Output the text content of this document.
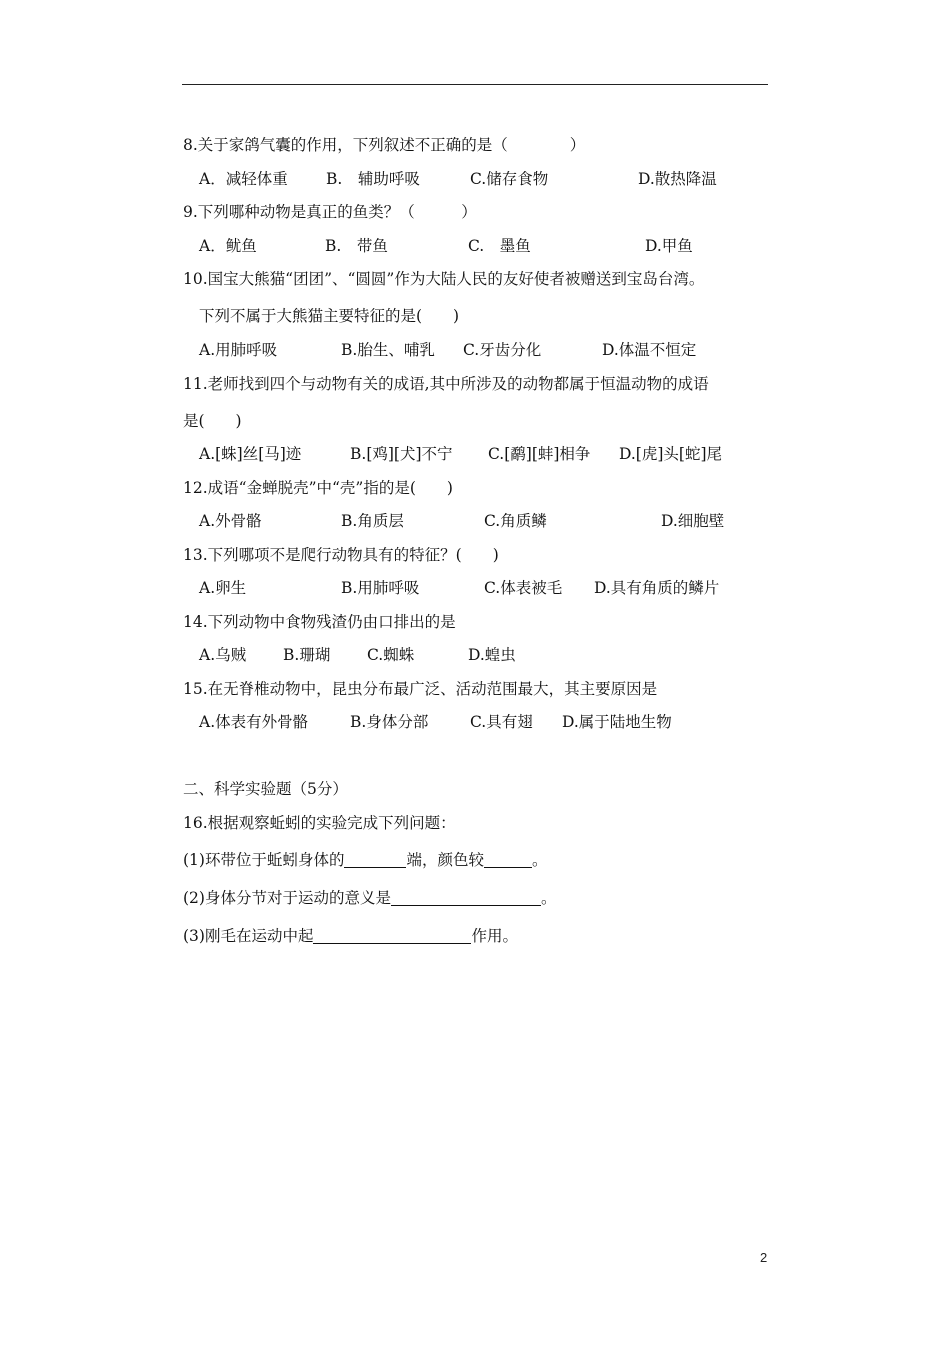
8.关于家鸽气囊的作用，下列叙述不正确的是（　　　　）
A．减轻体重 B.　辅助呼吸	C.储存食物	D.散热降温
9.下列哪种动物是真正的鱼类？（　　　）
A．鱿鱼	B.　带鱼	C.　墨鱼	D.甲鱼
10.国宝大熊猫“团团”、“圆圆”作为大陆人民的友好使者被赠送到宝岛台湾。
下列不属于大熊猫主要特征的是(　　)
A.用肺呼吸	B.胎生、哺乳 C.牙齿分化	D.体温不恒定
11.老师找到四个与动物有关的成语,其中所涉及的动物都属于恒温动物的成语
是(　　)
A.[蛛]丝[马]迹	B.[鸡][犬]不宁 C.[鹬][蚌]相争 D.[虎]头[蛇]尾
12.成语“金蝉脱壳”中“壳”指的是(　　)
A.外骨骼	B.角质层	C.角质鳞	D.细胞壁
13.下列哪项不是爬行动物具有的特征？(　　)
A.卵生	B.用肺呼吸	C.体表被毛 D.具有角质的鳞片
14.下列动物中食物残渣仍由口排出的是
A.乌贼 B.珊瑚 C.蜘蛛	D.蝗虫
15.在无脊椎动物中，昆虫分布最广泛、活动范围最大，其主要原因是
A.体表有外骨骼	B.身体分部	C.具有翅 D.属于陆地生物
二、科学实验题（5分）
16.根据观察蚯蚓的实验完成下列问题：
(1)环带位于蚯蚓身体的	端，颜色较	。
(2)身体分节对于运动的意义是	。
(3)刚毛在运动中起	作用。
2
